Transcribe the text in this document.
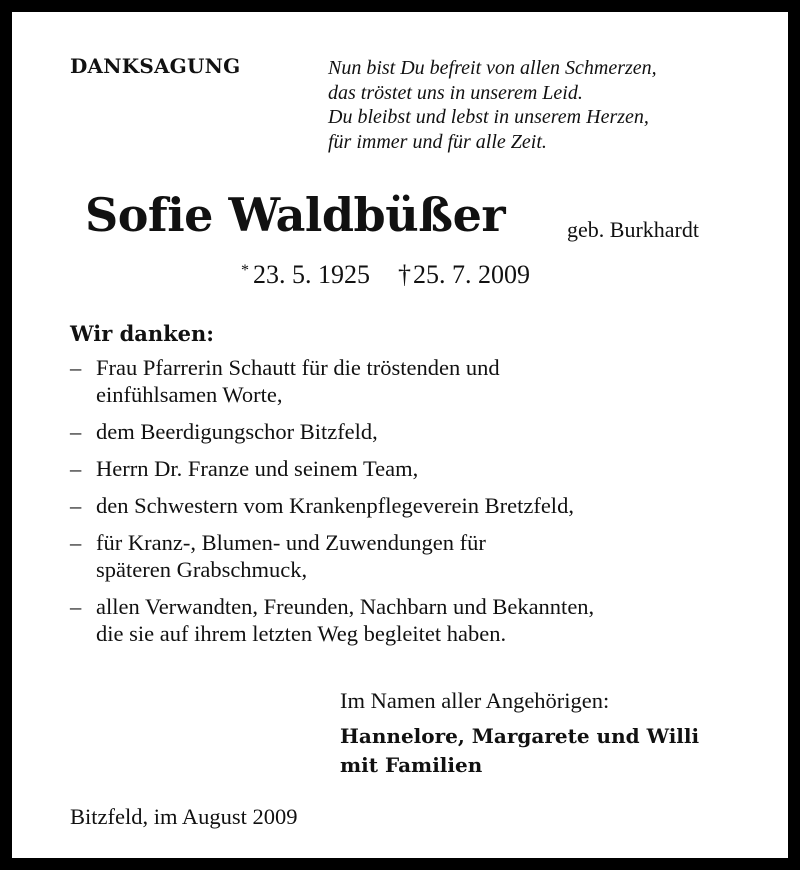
DANKSAGUNG	Nun bist Du befreit von allen Schmerzen,
das tröstet uns in unserem Leid.
Du bleibst und lebst in unserem Herzen,
für immer und für alle Zeit.
Sofie Waldbüßer	geb. Burkhardt
* 23. 5. 1925 †25. 7. 2009
Wir danken:
– Frau Pfarrerin Schautt für die tröstenden und
einfühlsamen Worte,
– dem Beerdigungschor Bitzfeld,
– Herrn Dr. Franze und seinem Team,
– den Schwestern vom Krankenpflegeverein Bretzfeld,
– für Kranz-, Blumen- und Zuwendungen für
späteren Grabschmuck,
– allen Verwandten, Freunden, Nachbarn und Bekannten,
die sie auf ihrem letzten Weg begleitet haben.
Im Namen aller Angehörigen:
Hannelore, Margarete und Willi
mit Familien
Bitzfeld, im August 2009
